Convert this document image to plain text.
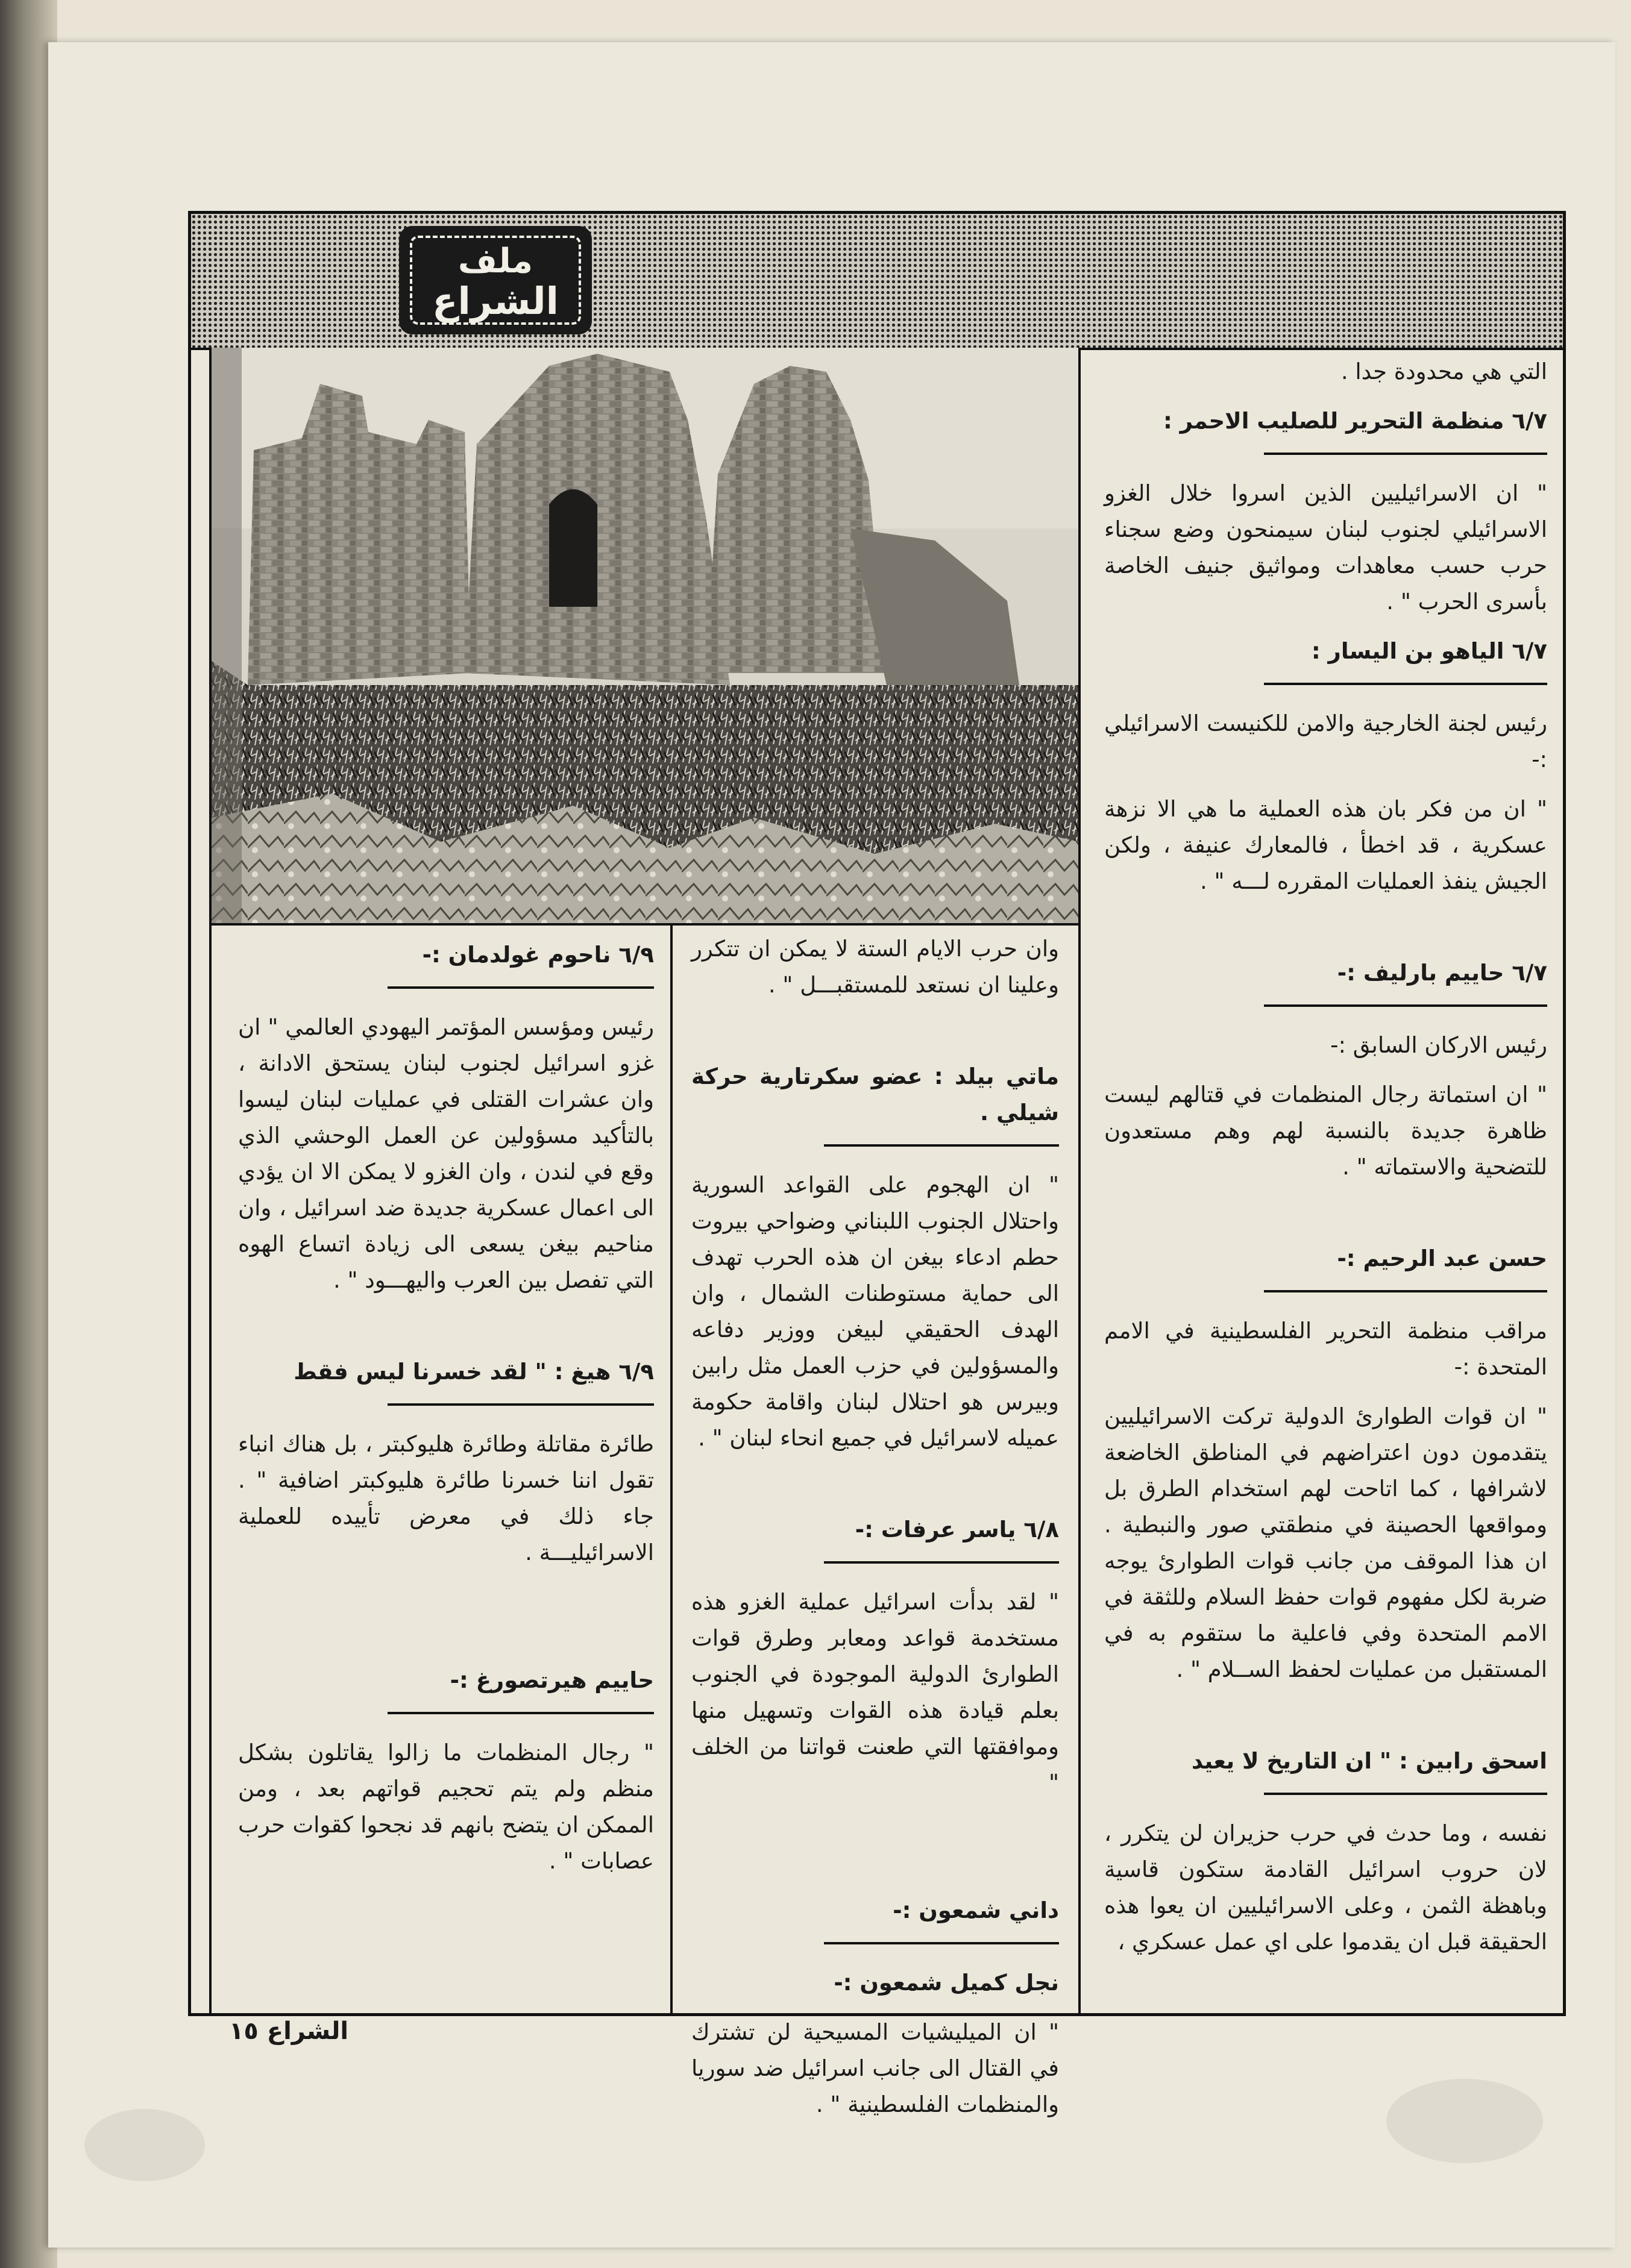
ملف
الشراع

التي هي محدودة جدا .

٦/٧ منظمة التحرير للصليب الاحمر :

" ان الاسرائيليين الذين اسروا خلال الغزو الاسرائيلي لجنوب لبنان سيمنحون وضع سجناء حرب حسب معاهدات ومواثيق جنيف الخاصة بأسرى الحرب " .

٦/٧ الياهو بن اليسار :

رئيس لجنة الخارجية والامن للكنيست الاسرائيلي :-

" ان من فكر بان هذه العملية ما هي الا نزهة عسكرية ، قد اخطأ ، فالمعارك عنيفة ، ولكن الجيش ينفذ العمليات المقرره لـــه " .

٦/٧ حاييم بارليف :-

رئيس الاركان السابق :-

" ان استماتة رجال المنظمات في قتالهم ليست ظاهرة جديدة بالنسبة لهم وهم مستعدون للتضحية والاستماته " .

حسن عبد الرحيم :-

مراقب منظمة التحرير الفلسطينية في الامم المتحدة :-

" ان قوات الطوارئ الدولية تركت الاسرائيليين يتقدمون دون اعتراضهم في المناطق الخاضعة لاشرافها ، كما اتاحت لهم استخدام الطرق بل ومواقعها الحصينة في منطقتي صور والنبطية . ان هذا الموقف من جانب قوات الطوارئ يوجه ضربة لكل مفهوم قوات حفظ السلام وللثقة في الامم المتحدة وفي فاعلية ما ستقوم به في المستقبل من عمليات لحفظ الســلام " .

اسحق رابين : " ان التاريخ لا يعيد

نفسه ، وما حدث في حرب حزيران لن يتكرر ، لان حروب اسرائيل القادمة ستكون قاسية وباهظة الثمن ، وعلى الاسرائيليين ان يعوا هذه الحقيقة قبل ان يقدموا على اي عمل عسكري ،

وان حرب الايام الستة لا يمكن ان تتكرر وعلينا ان نستعد للمستقبـــل " .

ماتي بيلد : عضو سكرتارية حركة شيلي .

" ان الهجوم على القواعد السورية واحتلال الجنوب اللبناني وضواحي بيروت حطم ادعاء بيغن ان هذه الحرب تهدف الى حماية مستوطنات الشمال ، وان الهدف الحقيقي لبيغن ووزير دفاعه والمسؤولين في حزب العمل مثل رابين وبيرس هو احتلال لبنان واقامة حكومة عميله لاسرائيل في جميع انحاء لبنان " .

٦/٨ ياسر عرفات :-

" لقد بدأت اسرائيل عملية الغزو هذه مستخدمة قواعد ومعابر وطرق قوات الطوارئ الدولية الموجودة في الجنوب بعلم قيادة هذه القوات وتسهيل منها وموافقتها التي طعنت قواتنا من الخلف "

داني شمعون :-

نجل كميل شمعون :-

" ان الميليشيات المسيحية لن تشترك في القتال الى جانب اسرائيل ضد سوريا والمنظمات الفلسطينية " .

٦/٩ ناحوم غولدمان :-

رئيس ومؤسس المؤتمر اليهودي العالمي " ان غزو اسرائيل لجنوب لبنان يستحق الادانة ، وان عشرات القتلى في عمليات لبنان ليسوا بالتأكيد مسؤولين عن العمل الوحشي الذي وقع في لندن ، وان الغزو لا يمكن الا ان يؤدي الى اعمال عسكرية جديدة ضد اسرائيل ، وان مناحيم بيغن يسعى الى زيادة اتساع الهوه التي تفصل بين العرب واليهـــود " .

٦/٩ هيغ : " لقد خسرنا ليس فقط

طائرة مقاتلة وطائرة هليوكبتر ، بل هناك انباء تقول اننا خسرنا طائرة هليوكبتر اضافية " . جاء ذلك في معرض تأييده للعملية الاسرائيليـــة .

حاييم هيرتصورغ :-

" رجال المنظمات ما زالوا يقاتلون بشكل منظم ولم يتم تحجيم قواتهم بعد ، ومن الممكن ان يتضح بانهم قد نجحوا كقوات حرب عصابات " .

الشراع ١٥
